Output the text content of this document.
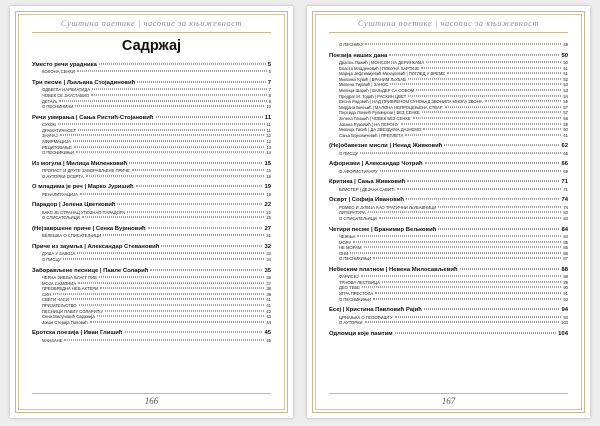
Суштина поетике | часопис за књижевност
Садржај
Уместо речи урадника	5
КОЛОНА СЕНКИ	5
Три песме | Љиљана Стојадиновић	7
ОДБЕГЛА НАРКИАТИДА	7
ЧОВЕК СЕ ЗАУСТАВИО	8
ДЕТАЉ	9
О ПЕСНИНИНИ	10
Речи умирања | Сања Ристић-Стојановић	11
СУКОБ	11
ДРАМАТИЧНОСТ	11
ЗНАЧАЈ	12
АФИРМАЦИЈА	12
РЕЦИТОВАЊЕ	13
О ПЕСНИКИЊИ	14
Из могула | Милица Миленковић	15
ПРОПАСТ И ДРУГЕ ЗАБОРАВЉЕНЕ ПРИЧЕ	15
О АУТОРКИ ОСВРТА	18
О младима је реч | Марко Јуришић	19
РЕНАЛИТУАЦИЈА	19
Парадор | Јелена Цветковић	22
КАКО ЈЕ СТРАНАЦ УПОЗНАО ПАРАДОРА	22
О СПИСАТЕЉИЦИ	25
(Не)завршене приче | Сенка Вујиновић	27
БЕЛЕШКА О СПИСАТЕЉИЦИ	31
Приче из заумља | Александар Стевановић	32
ДУША У ЗАВОЈА	32
О ПИСЦУ	34
Заборављене песнице | Павле Соларић	35
ЧЕРНА ЗИВЉА БЛАГГ ПИЕ	36
МОЈА САМОНИА	37
ПРЕОБРЕДНА НЕБ АКТЕРИ	38
СИН	39
СВЕТИ ЧАСИ	41
ПРИЈАТЕЉСТВО	41
ПЕСНИЦИ ПАВЛУ СОЛАРИЋУ	42
Сена Милуновић Саражија	43
Јован Стерија Поповић	44
Еротска поезија | Иван Глишић	45
МАНЗАНЕ	45
166
Суштина поетике | часопис за књижевност
О ПЕСНИКУ	49
Поезија наших дана	50
Драгоњ Пажић | МОНСОН НА ДЕРИНКАМА	50
Власта Младеновић | ПОБУНА ХАРТИЈЕ	51
Марија Јефтимијевић Михајловић | ПОГЛЕД У ВРЕМЕ	51
Миланко Кукић | БРАНИМ ЉУБАВ	52
Милена Тијовић | ЗАНОС	53
Милица Шарић | ВАЉДЕР СА СОБОМ	53
Предраг М. Тодић | РАСКИН ЦВЕТ	54
Весна Радовић | НАД ПРИВРЕНОМ СУНОКАД ЗВОНИЛА МНОГА ЗВОНА	55
Мирјана Бечњић | МАЛОНА НЕПРОЦЕЊЕНА СТВАР	57
Персида Лонкић Рулмирски | БЕЗ СЕНКЕ	57
Јелена Глишић | ЧОВЕК БЕЗ СЕНКЕ	58
Јована Ружичић | НА ПЕРОНУ	59
Милица Тасић | ДА ЗВЕЗДАМА ДАЈНЕМО	60
Сања Бојковичевић | ПРЕПЛЕТА	61
(Не)обавезне мисли | Ненад Живковић	62
О ПИСЦУ	65
Афоризми | Александар Чотрић	66
О АФОРИСТИЧАРУ	69
Критика | Сања Живковић	71
БЛИСТЕР | ДЕЈАНА САВИЋ	71
Осврт | Софија Ивановић	74
РОМЕО И ЈУЛИЈА КАО ТРАГИЧНИ ЉУБАВНИЦИ	74
ЛИТЕРАТУРА	83
О СПИСАТЕЉИЦИ	83
Четири песме | Бранимир Вељковић	84
ЧЕЖЊА	84
МОРУ	85
НЕ МОРАМ	85
ОНИ	86
О ПЕСНИКИЊИ	87
Небеским платном | Невена Милосављевић	88
ФАРИСЕЈ	88
ТРНОВА ЛЕСТВИЦА	89
ДЕО ТЕБЕ	90
ИГРА ПРЕСТОЛА	91
О ПЕСНИКИЊИ	93
Есеј | Кристина Павловић Рајић	94
ЦРНАЊКА О ПОЗОРИШТУ	94
О АУТОРКИ	103
Одломци које памтим	104
167
